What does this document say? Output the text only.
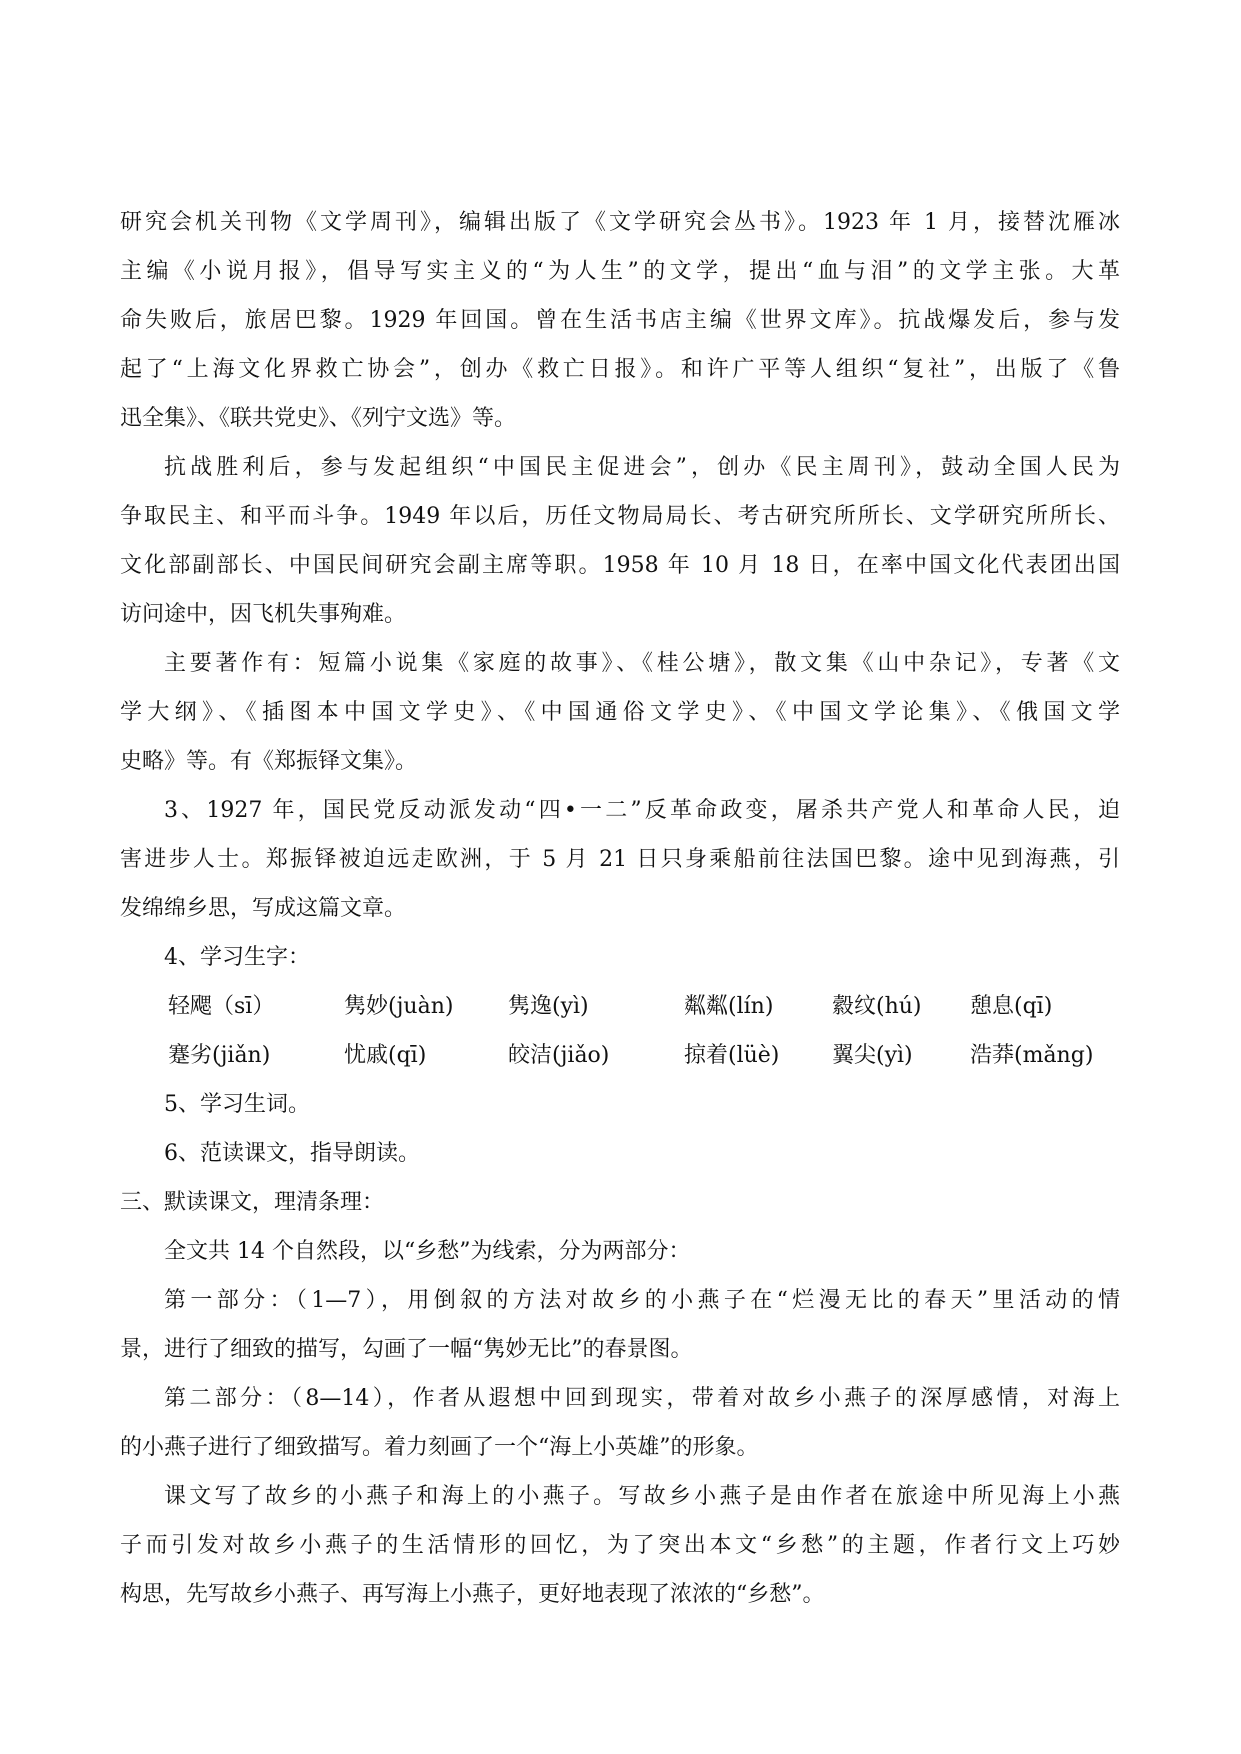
研究会机关刊物《文学周刊》，编辑出版了《文学研究会丛书》。1923 年 1 月，接替沈雁冰
主编《小说月报》，倡导写实主义的“为人生”的文学，提出“血与泪”的文学主张。大革
命失败后，旅居巴黎。1929 年回国。曾在生活书店主编《世界文库》。抗战爆发后，参与发
起了“上海文化界救亡协会”，创办《救亡日报》。和许广平等人组织“复社”，出版了《鲁
迅全集》、《联共党史》、《列宁文选》等。
抗战胜利后，参与发起组织“中国民主促进会”，创办《民主周刊》，鼓动全国人民为
争取民主、和平而斗争。1949 年以后，历任文物局局长、考古研究所所长、文学研究所所长、
文化部副部长、中国民间研究会副主席等职。1958 年 10 月 18 日，在率中国文化代表团出国
访问途中，因飞机失事殉难。
主要著作有：短篇小说集《家庭的故事》、《桂公塘》，散文集《山中杂记》，专著《文
学大纲》、《插图本中国文学史》、《中国通俗文学史》、《中国文学论集》、《俄国文学
史略》等。有《郑振铎文集》。
3、1927 年，国民党反动派发动“四•一二”反革命政变，屠杀共产党人和革命人民，迫
害进步人士。郑振铎被迫远走欧洲，于 5 月 21 日只身乘船前往法国巴黎。途中见到海燕，引
发绵绵乡思，写成这篇文章。
4、学习生字：
轻飔（sī）	隽妙(juàn) 隽逸(yì)	粼粼(lín)	縠纹(hú) 憩息(qī)
蹇劣(jiǎn)	忧戚(qī)	皎洁(jiǎo)	掠着(lüè) 翼尖(yì)	浩莽(mǎng)
5、学习生词。
6、范读课文，指导朗读。
三、默读课文，理清条理：
全文共 14 个自然段，以“乡愁”为线索，分为两部分：
第一部分：（1—7），用倒叙的方法对故乡的小燕子在“烂漫无比的春天”里活动的情
景，进行了细致的描写，勾画了一幅“隽妙无比”的春景图。
第二部分：（8—14），作者从遐想中回到现实，带着对故乡小燕子的深厚感情，对海上
的小燕子进行了细致描写。着力刻画了一个“海上小英雄”的形象。
课文写了故乡的小燕子和海上的小燕子。写故乡小燕子是由作者在旅途中所见海上小燕
子而引发对故乡小燕子的生活情形的回忆，为了突出本文“乡愁”的主题，作者行文上巧妙
构思，先写故乡小燕子、再写海上小燕子，更好地表现了浓浓的“乡愁”。
